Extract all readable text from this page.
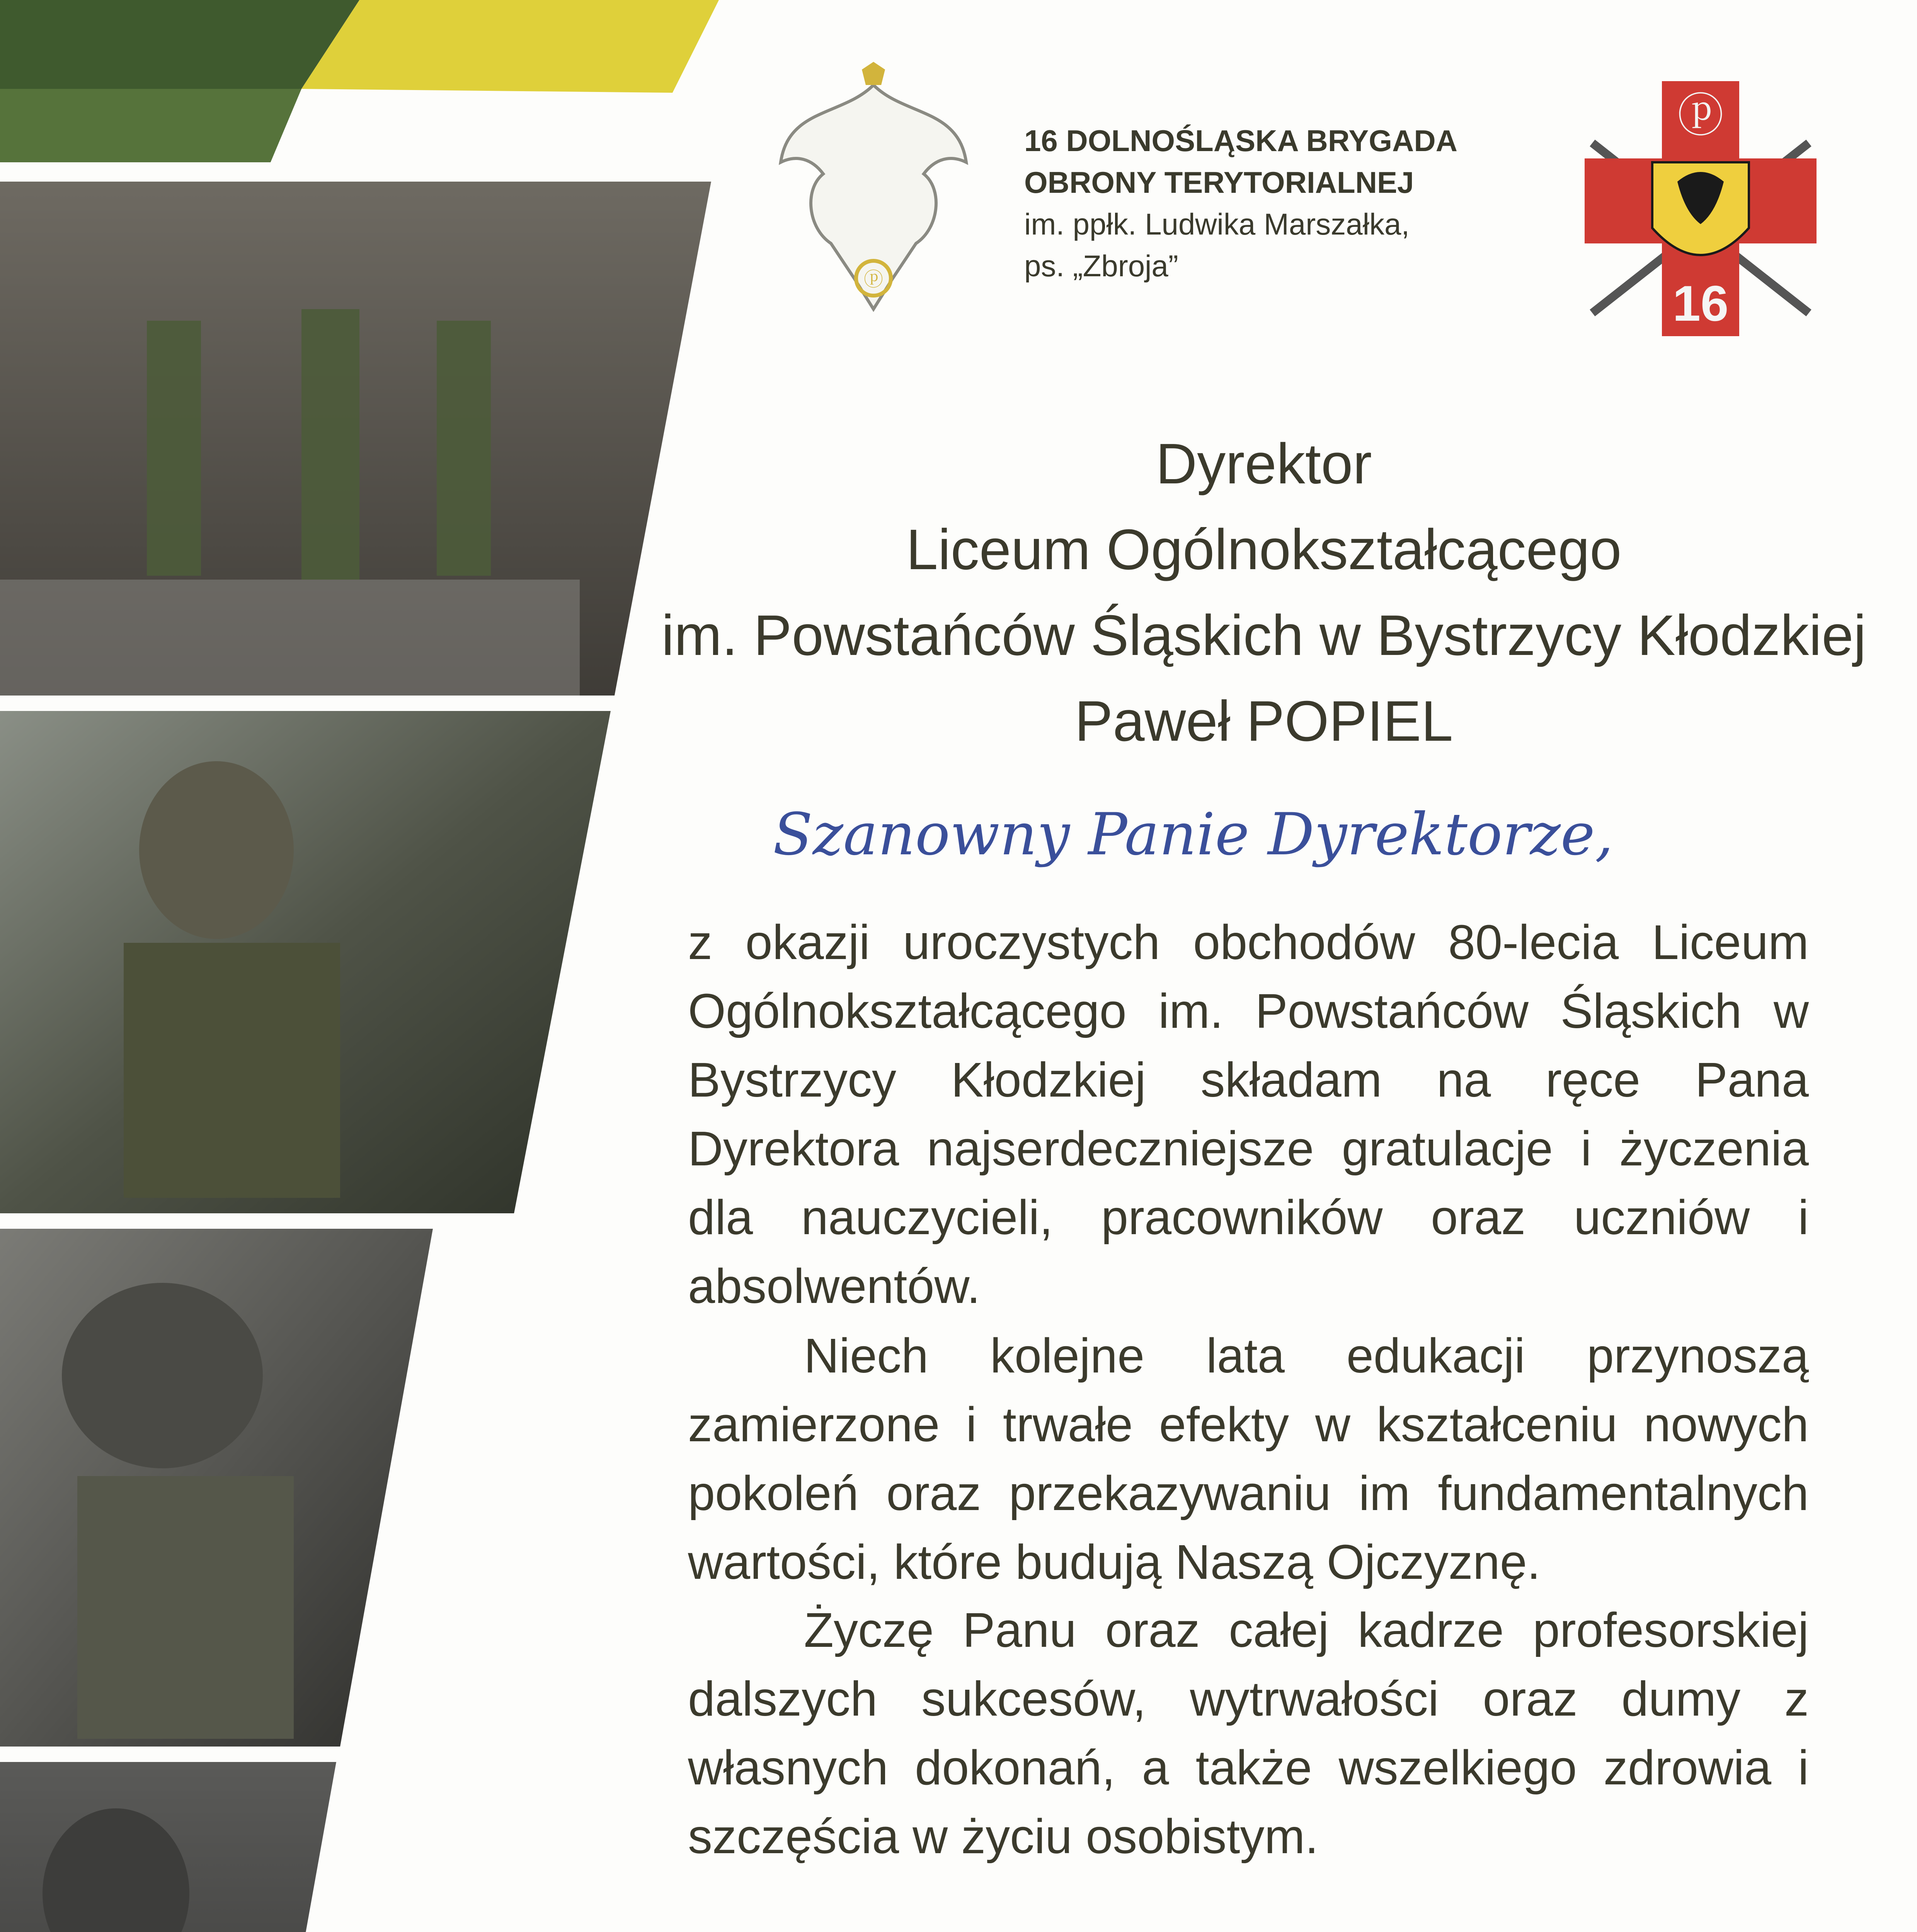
ⓟ
16 DOLNOŚLĄSKA BRYGADA
OBRONY TERYTORIALNEJ
im. ppłk. Ludwika Marszałka,
ps. „Zbroja”
ⓟ
16
Dyrektor
Liceum Ogólnokształcącego
im. Powstańców Śląskich w Bystrzycy Kłodzkiej
Paweł POPIEL
Szanowny Panie Dyrektorze,
z okazji uroczystych obchodów 80-lecia Liceum Ogólnokształcącego im. Powstańców Śląskich w Bystrzycy Kłodzkiej składam na ręce Pana Dyrektora najserdeczniejsze gratulacje i życzenia dla nauczycieli, pracowników oraz uczniów i absolwentów.
Niech kolejne lata edukacji przynoszą zamierzone i trwałe efekty w kształceniu nowych pokoleń oraz przekazywaniu im fundamentalnych wartości, które budują Naszą Ojczyznę.
Życzę Panu oraz całej kadrze profesorskiej dalszych sukcesów, wytrwałości oraz dumy z własnych dokonań, a także wszelkiego zdrowia i szczęścia w życiu osobistym.
